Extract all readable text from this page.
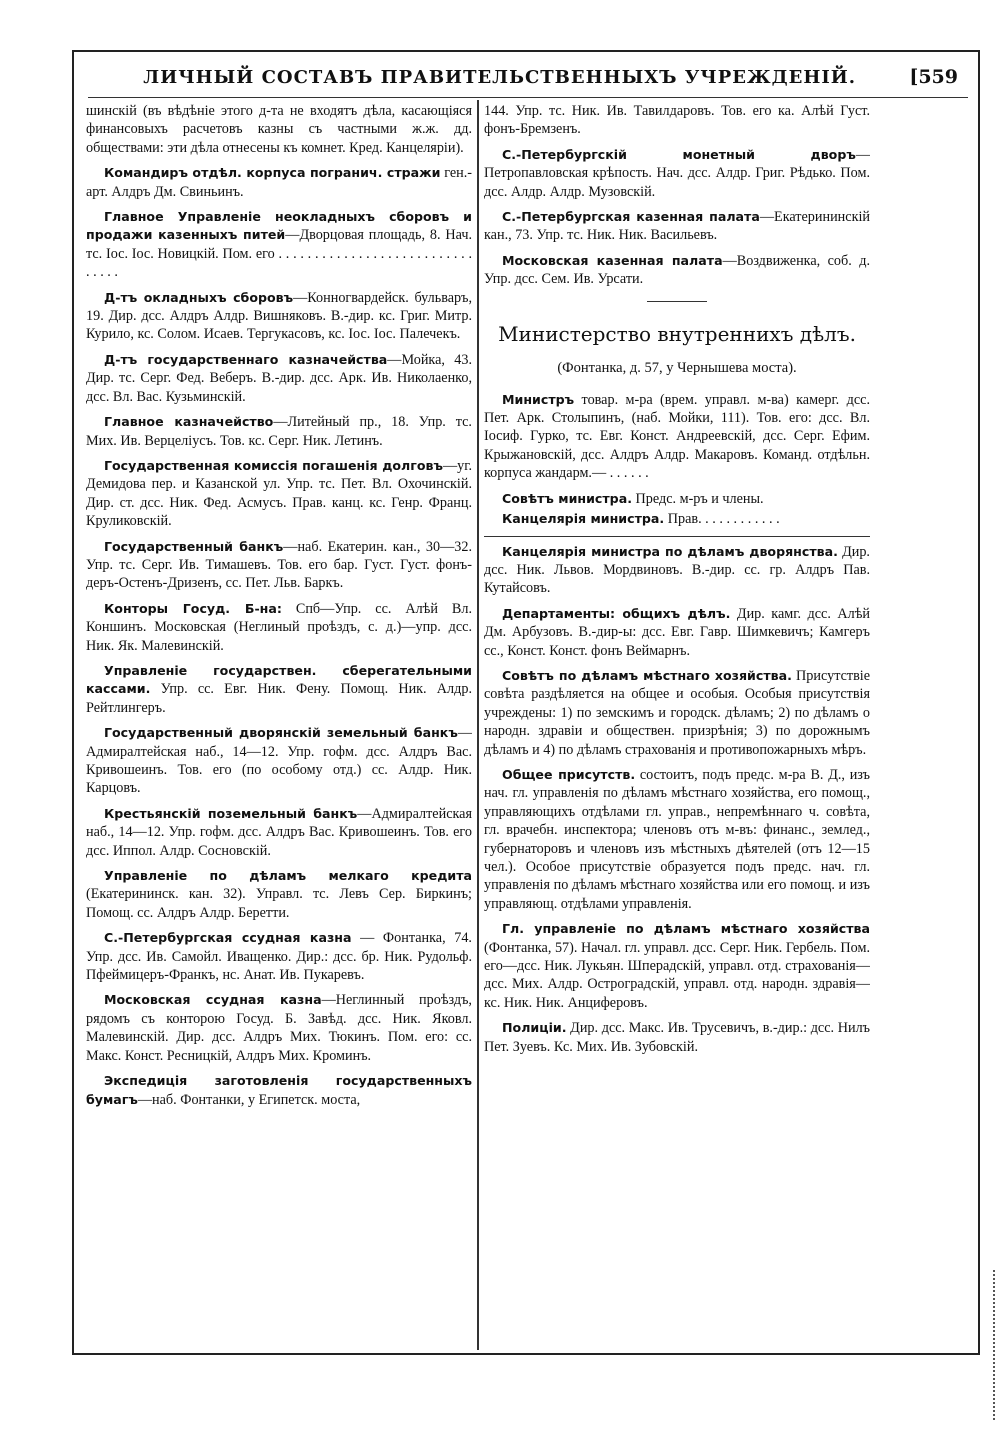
ЛИЧНЫЙ СОСТАВЪ ПРАВИТЕЛЬСТВЕННЫХЪ УЧРЕЖДЕНІЙ.	[559
шинскій (въ вѣдѣніе этого д-та не входятъ дѣла, касающіяся финансовыхъ расчетовъ казны съ частными ж.ж. дд. обществами: эти дѣла отнесены къ комнет. Кред. Канцеляріи).
Командиръ отдѣл. корпуса погранич. стражи ген.-арт. Алдръ Дм. Свиньинъ.
Главное Управленіе неокладныхъ сборовъ и продажи казенныхъ питей—Дворцовая площадь, 8. Нач. тс. Іос. Іос. Новицкій. Пом. его . . . . . . . . . . . . . . . . . . . . . . . . . . . . . . . .
Д-тъ окладныхъ сборовъ—Конногвардейск. бульваръ, 19. Дир. дсс. Алдръ Алдр. Вишняковъ. В.-дир. кс. Григ. Митр. Курило, кс. Солом. Исаев. Тергукасовъ, кс. Іос. Іос. Палечекъ.
Д-тъ государственнаго казначейства—Мойка, 43. Дир. тс. Серг. Фед. Веберъ. В.-дир. дсс. Арк. Ив. Николаенко, дсс. Вл. Вас. Кузьминскій.
Главное казначейство—Литейный пр., 18. Упр. тс. Мих. Ив. Верцеліусъ. Тов. кс. Серг. Ник. Летинъ.
Государственная комиссія погашенія долговъ—уг. Демидова пер. и Казанской ул. Упр. тс. Пет. Вл. Охочинскій. Дир. ст. дсс. Ник. Фед. Асмусъ. Прав. канц. кс. Генр. Франц. Круликовскій.
Государственный банкъ—наб. Екатерин. кан., 30—32. Упр. тс. Серг. Ив. Тимашевъ. Тов. его бар. Густ. Густ. фонъ-деръ-Остенъ-Дризенъ, сс. Пет. Льв. Баркъ.
Конторы Госуд. Б-на: Спб—Упр. сс. Алѣй Вл. Коншинъ. Московская (Неглиный проѣздъ, с. д.)—упр. дсс. Ник. Як. Малевинскій.
Управленіе государствен. сберегательными кассами. Упр. сс. Евг. Ник. Фену. Помощ. Ник. Алдр. Рейтлингеръ.
Государственный дворянскій земельный банкъ—Адмиралтейская наб., 14—12. Упр. гофм. дсс. Алдръ Вас. Кривошеинъ. Тов. его (по особому отд.) сс. Алдр. Ник. Карцовъ.
Крестьянскій поземельный банкъ—Адмиралтейская наб., 14—12. Упр. гофм. дсс. Алдръ Вас. Кривошеинъ. Тов. его дсс. Иппол. Алдр. Сосновскій.
Управленіе по дѣламъ мелкаго кредита (Екатерининск. кан. 32). Управл. тс. Левъ Сер. Биркинъ; Помощ. сс. Алдръ Алдр. Беретти.
С.-Петербургская ссудная казна — Фонтанка, 74. Упр. дсс. Ив. Самойл. Иващенко. Дир.: дсс. бр. Ник. Рудольф. Пфеймицеръ-Франкъ, нс. Анат. Ив. Пукаревъ.
Московская ссудная казна—Неглинный проѣздъ, рядомъ съ конторою Госуд. Б. Завѣд. дсс. Ник. Яковл. Малевинскій. Дир. дсс. Алдръ Мих. Тюкинъ. Пом. его: сс. Макс. Конст. Ресницкій, Алдръ Мих. Кроминъ.
Экспедиція заготовленія государственныхъ бумагъ—наб. Фонтанки, у Египетск. моста,
144. Упр. тс. Ник. Ив. Тавилдаровъ. Тов. его ка. Алѣй Густ. фонъ-Бремзенъ.
С.-Петербургскій монетный дворъ—Петропавловская крѣпость. Нач. дсс. Алдр. Григ. Рѣдько. Пом. дсс. Алдр. Алдр. Музовскій.
С.-Петербургская казенная палата—Екатерининскій кан., 73. Упр. тс. Ник. Ник. Васильевъ.
Московская казенная палата—Воздвиженка, соб. д. Упр. дсс. Сем. Ив. Урсати.
Министерство внутреннихъ дѣлъ.
(Фонтанка, д. 57, у Чернышева моста).
Министръ товар. м-ра (врем. управл. м-ва) камерг. дсс. Пет. Арк. Столыпинъ, (наб. Мойки, 111). Тов. его: дсс. Вл. Іосиф. Гурко, тс. Евг. Конст. Андреевскій, дсс. Серг. Ефим. Крыжановскій, дсс. Алдръ Алдр. Макаровъ. Команд. отдѣльн. корпуса жандарм.— . . . . . .
Совѣтъ министра. Предс. м-ръ и члены.
Канцелярія министра. Прав. . . . . . . . . . . .
Канцелярія министра по дѣламъ дворянства. Дир. дсс. Ник. Львов. Мордвиновъ. В.-дир. сс. гр. Алдръ Пав. Кутайсовъ.
Департаменты: общихъ дѣлъ. Дир. камг. дсс. Алѣй Дм. Арбузовъ. В.-дир-ы: дсс. Евг. Гавр. Шимкевичъ; Камгеръ сс., Конст. Конст. фонъ Веймарнъ.
Совѣтъ по дѣламъ мѣстнаго хозяйства. Присутствіе совѣта раздѣляется на общее и особыя. Особыя присутствія учреждены: 1) по земскимъ и городск. дѣламъ; 2) по дѣламъ о народн. здравіи и обществен. призрѣнія; 3) по дорожнымъ дѣламъ и 4) по дѣламъ страхованія и противопожарныхъ мѣръ.
Общее присутств. состоитъ, подъ предс. м-ра В. Д., изъ нач. гл. управленія по дѣламъ мѣстнаго хозяйства, его помощ., управляющихъ отдѣлами гл. управ., непремѣннаго ч. совѣта, гл. врачебн. инспектора; членовъ отъ м-въ: финанс., землед., губернаторовъ и членовъ изъ мѣстныхъ дѣятелей (отъ 12—15 чел.). Особое присутствіе образуется подъ предс. нач. гл. управленія по дѣламъ мѣстнаго хозяйства или его помощ. и изъ управляющ. отдѣлами управленія.
Гл. управленіе по дѣламъ мѣстнаго хозяйства (Фонтанка, 57). Начал. гл. управл. дсс. Серг. Ник. Гербель. Пом. его—дсс. Ник. Лукьян. Шперадскій, управл. отд. страхованія—дсс. Мих. Алдр. Остроградскій, управл. отд. народн. здравія—кс. Ник. Ник. Анциферовъ.
Полиціи. Дир. дсс. Макс. Ив. Трусевичъ, в.-дир.: дсс. Нилъ Пет. Зуевъ. Кс. Мих. Ив. Зубовскій.
